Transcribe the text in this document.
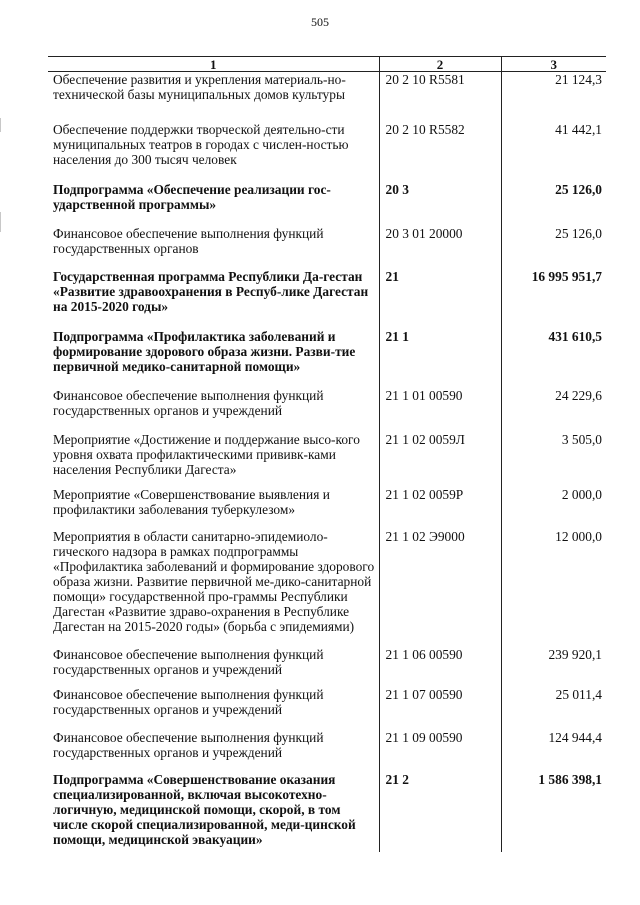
505
1	2	3
Обеспечение развития и укрепления материаль-но-технической базы муниципальных домов культуры	20 2 10 R5581	21 124,3
Обеспечение поддержки творческой деятельно-сти муниципальных театров в городах с числен-ностью населения до 300 тысяч человек	20 2 10 R5582	41 442,1
Подпрограмма «Обеспечение реализации гос-ударственной программы»	20 3	25 126,0
Финансовое обеспечение выполнения функций государственных органов	20 3 01 20000	25 126,0
Государственная программа Республики Да-гестан «Развитие здравоохранения в Респуб-лике Дагестан на 2015-2020 годы»	21	16 995 951,7
Подпрограмма «Профилактика заболеваний и формирование здорового образа жизни. Разви-тие первичной медико-санитарной помощи»	21 1	431 610,5
Финансовое обеспечение выполнения функций государственных органов и учреждений	21 1 01 00590	24 229,6
Мероприятие «Достижение и поддержание высо-кого уровня охвата профилактическими прививк-ками населения Республики Дагеста»	21 1 02 0059Л	3 505,0
Мероприятие «Совершенствование выявления и профилактики заболевания туберкулезом»	21 1 02 0059Р	2 000,0
Мероприятия в области санитарно-эпидемиоло-гического надзора в рамках подпрограммы «Профилактика заболеваний и формирование здорового образа жизни. Развитие первичной ме-дико-санитарной помощи» государственной про-граммы Республики Дагестан «Развитие здраво-охранения в Республике Дагестан на 2015-2020 годы» (борьба с эпидемиями)	21 1 02 Э9000	12 000,0
Финансовое обеспечение выполнения функций государственных органов и учреждений	21 1 06 00590	239 920,1
Финансовое обеспечение выполнения функций государственных органов и учреждений	21 1 07 00590	25 011,4
Финансовое обеспечение выполнения функций государственных органов и учреждений	21 1 09 00590	124 944,4
Подпрограмма «Совершенствование оказания специализированной, включая высокотехно-логичную, медицинской помощи, скорой, в том числе скорой специализированной, меди-цинской помощи, медицинской эвакуации»	21 2	1 586 398,1
